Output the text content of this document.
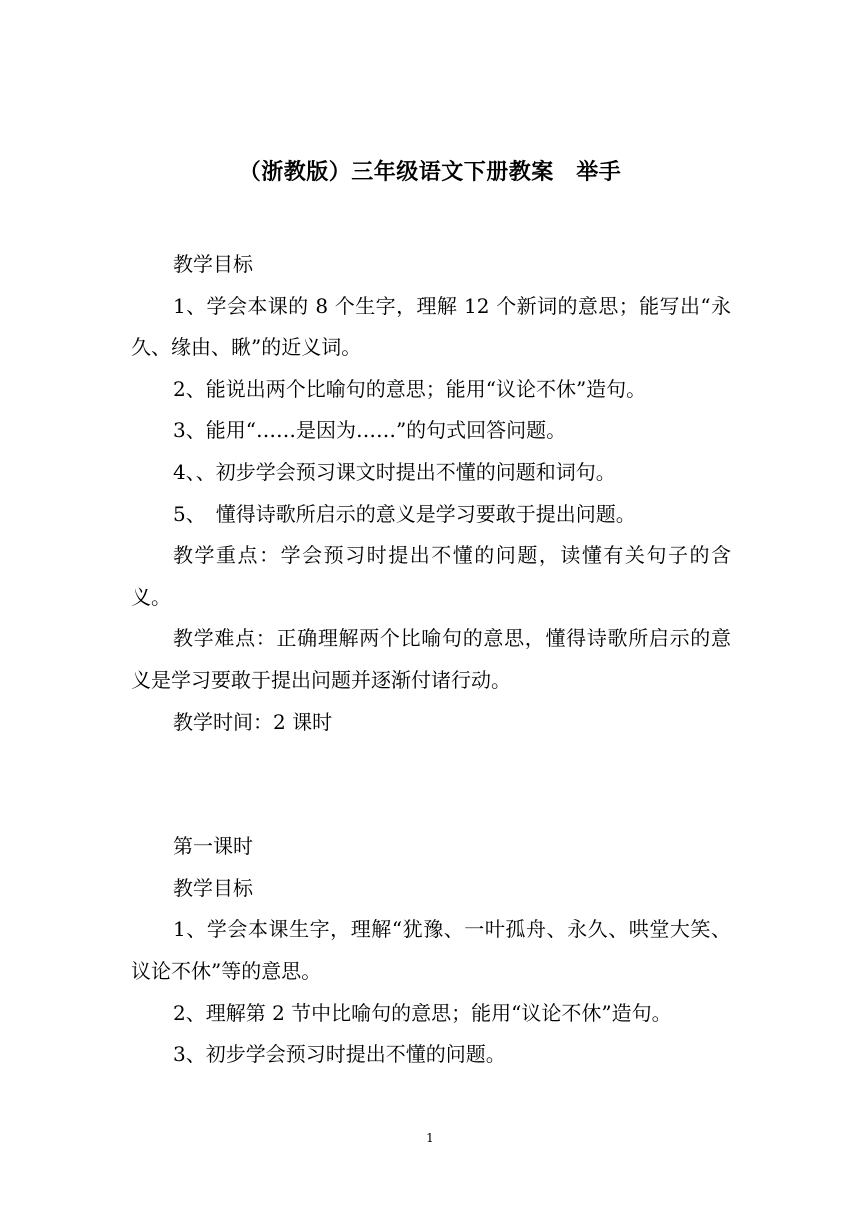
（浙教版）三年级语文下册教案　举手

教学目标

1、学会本课的 8 个生字，理解 12 个新词的意思；能写出“永久、缘由、瞅”的近义词。

2、能说出两个比喻句的意思；能用“议论不休”造句。

3、能用“……是因为……”的句式回答问题。

4、、初步学会预习课文时提出不懂的问题和词句。

5、　懂得诗歌所启示的意义是学习要敢于提出问题。

教学重点：学会预习时提出不懂的问题，读懂有关句子的含义。

教学难点：正确理解两个比喻句的意思，懂得诗歌所启示的意义是学习要敢于提出问题并逐渐付诸行动。

教学时间：2 课时

第一课时

教学目标

1、学会本课生字，理解“犹豫、一叶孤舟、永久、哄堂大笑、议论不休”等的意思。

2、理解第 2 节中比喻句的意思；能用“议论不休”造句。

3、初步学会预习时提出不懂的问题。

1
